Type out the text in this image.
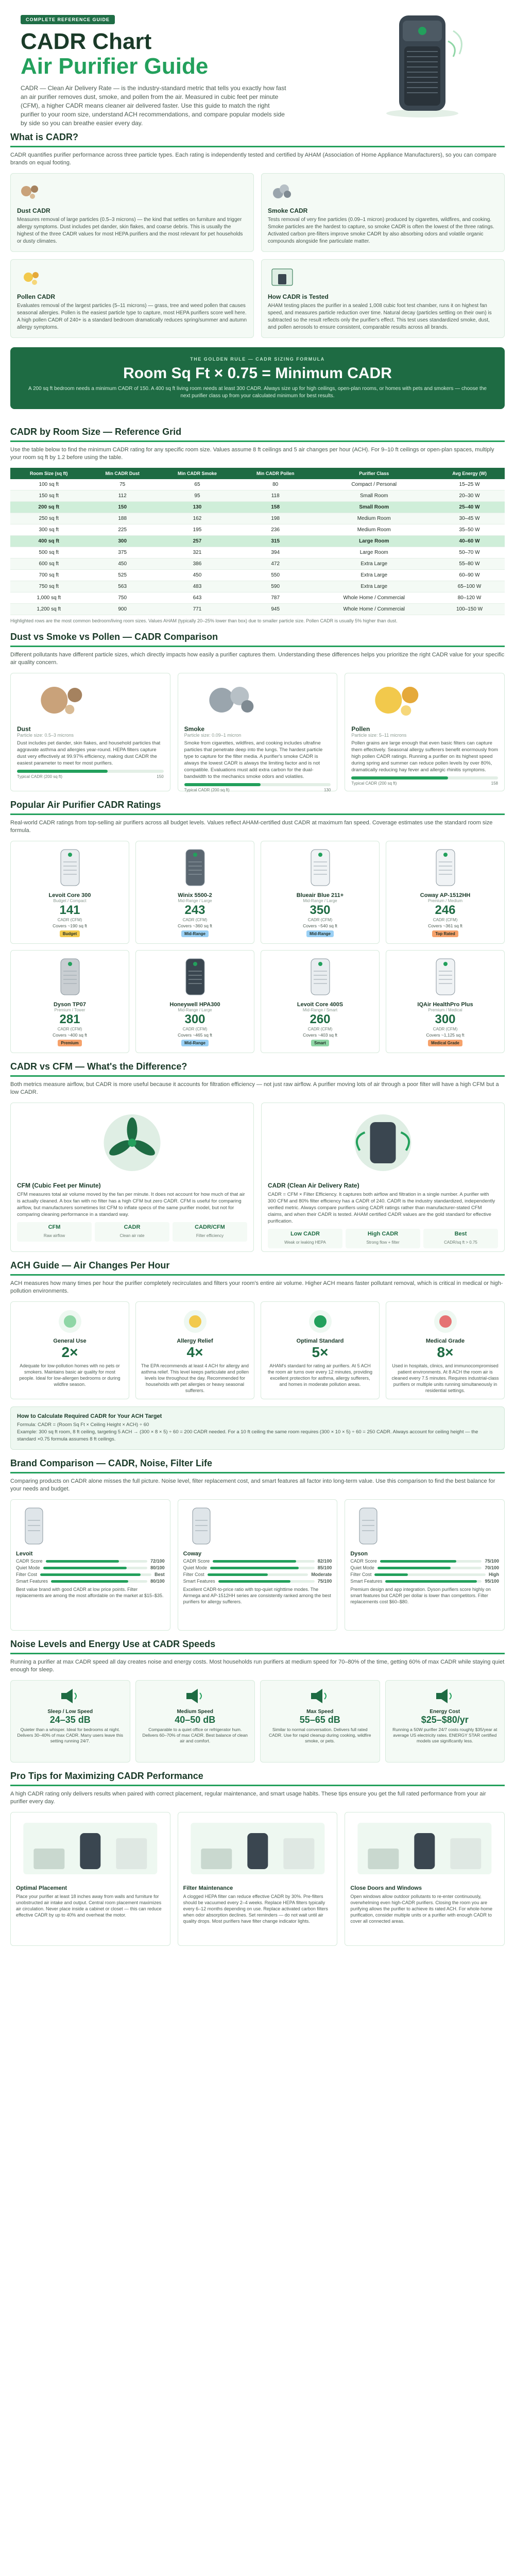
COMPLETE REFERENCE GUIDE
CADR Chart
Air Purifier Guide

CADR — Clean Air Delivery Rate — is the industry-standard metric that tells you exactly how fast an air purifier removes dust, smoke, and pollen from the air. Measured in cubic feet per minute (CFM), a higher CADR means cleaner air delivered faster. Use this guide to match the right purifier to your room size, understand ACH recommendations, and compare popular models side by side so you can breathe easier every day.

What is CADR?
CADR quantifies purifier performance across three particle types. Each rating is independently tested and certified by AHAM (Association of Home Appliance Manufacturers), so you can compare brands on equal footing.
Dust CADR

Measures removal of large particles (0.5–3 microns) — the kind that settles on furniture and trigger allergy symptoms. Dust includes pet dander, skin flakes, and coarse debris. This is usually the highest of the three CADR values for most HEPA purifiers and the most relevant for pet households or dusty climates.

Smoke CADR

Tests removal of very fine particles (0.09–1 micron) produced by cigarettes, wildfires, and cooking. Smoke particles are the hardest to capture, so smoke CADR is often the lowest of the three ratings. Activated carbon pre-filters improve smoke CADR by also absorbing odors and volatile organic compounds alongside fine particulate matter.

Pollen CADR

Evaluates removal of the largest particles (5–11 microns) — grass, tree and weed pollen that causes seasonal allergies. Pollen is the easiest particle type to capture, most HEPA purifiers score well here. A high pollen CADR of 240+ is a standard bedroom dramatically reduces spring/summer and autumn allergy symptoms.

How CADR is Tested

AHAM testing places the purifier in a sealed 1,008 cubic foot test chamber, runs it on highest fan speed, and measures particle reduction over time. Natural decay (particles settling on their own) is subtracted so the result reflects only the purifier's effect. This test uses standardized smoke, dust, and pollen aerosols to ensure consistent, comparable results across all brands.

THE GOLDEN RULE — CADR SIZING FORMULA
Room Sq Ft × 0.75 = Minimum CADR
A 200 sq ft bedroom needs a minimum CADR of 150. A 400 sq ft living room needs at least 300 CADR. Always size up for high ceilings, open-plan rooms, or homes with pets and smokers — choose the next purifier class up from your calculated minimum for best results.
CADR by Room Size — Reference Grid
Use the table below to find the minimum CADR rating for any specific room size. Values assume 8 ft ceilings and 5 air changes per hour (ACH). For 9–10 ft ceilings or open-plan spaces, multiply your room sq ft by 1.2 before using the table.
Room Size (sq ft)	Min CADR Dust	Min CADR Smoke	Min CADR Pollen	Purifier Class	Avg Energy (W)
100 sq ft	75	65	80	Compact / Personal	15–25 W
150 sq ft	112	95	118	Small Room	20–30 W
200 sq ft	150	130	158	Small Room	25–40 W
250 sq ft	188	162	198	Medium Room	30–45 W
300 sq ft	225	195	236	Medium Room	35–50 W
400 sq ft	300	257	315	Large Room	40–60 W
500 sq ft	375	321	394	Large Room	50–70 W
600 sq ft	450	386	472	Extra Large	55–80 W
700 sq ft	525	450	550	Extra Large	60–90 W
750 sq ft	563	483	590	Extra Large	65–100 W
1,000 sq ft	750	643	787	Whole Home / Commercial	80–120 W
1,200 sq ft	900	771	945	Whole Home / Commercial	100–150 W
Highlighted rows are the most common bedroom/living room sizes. Values AHAM (typically 20–25% lower than box) due to smaller particle size. Pollen CADR is usually 5% higher than dust.
Dust vs Smoke vs Pollen — CADR Comparison
Different pollutants have different particle sizes, which directly impacts how easily a purifier captures them. Understanding these differences helps you prioritize the right CADR value for your specific air quality concern.
Dust
Particle size: 0.5–3 microns

Dust includes pet dander, skin flakes, and household particles that aggravate asthma and allergies year-round. HEPA filters capture dust very effectively at 99.97% efficiency, making dust CADR the easiest parameter to meet for most purifiers.

Typical CADR (200 sq ft)	150
Smoke
Particle size: 0.09–1 micron

Smoke from cigarettes, wildfires, and cooking includes ultrafine particles that penetrate deep into the lungs. The hardest particle type to capture for the filter media. A purifier's smoke CADR is always the lowest CADR is always the limiting factor and is not compatible. Evaluations must add extra carbon for the dual-bandwidth to the mechanics smoke odors and volatiles.

Typical CADR (200 sq ft)	130
Pollen
Particle size: 5–11 microns

Pollen grains are large enough that even basic filters can capture them effectively. Seasonal allergy sufferers benefit enormously from high pollen CADR ratings. Running a purifier on its highest speed during spring and summer can reduce pollen levels by over 80%, dramatically reducing hay fever and allergic rhinitis symptoms.

Typical CADR (200 sq ft)	158
Popular Air Purifier CADR Ratings
Real-world CADR ratings from top-selling air purifiers across all budget levels. Values reflect AHAM-certified dust CADR at maximum fan speed. Coverage estimates use the standard room size formula.
Levoit Core 300
Budget / Compact
141
CADR (CFM)
Covers ~190 sq ft
Budget
Winix 5500-2
Mid-Range / Large
243
CADR (CFM)
Covers ~360 sq ft
Mid-Range
Blueair Blue 211+
Mid-Range / Large
350
CADR (CFM)
Covers ~540 sq ft
Mid-Range
Coway AP-1512HH
Premium / Medium
246
CADR (CFM)
Covers ~361 sq ft
Top Rated
Dyson TP07
Premium / Tower
281
CADR (CFM)
Covers ~400 sq ft
Premium
Honeywell HPA300
Mid-Range / Large
300
CADR (CFM)
Covers ~465 sq ft
Mid-Range
Levoit Core 400S
Mid-Range / Smart
260
CADR (CFM)
Covers ~403 sq ft
Smart
IQAir HealthPro Plus
Premium / Medical
300
CADR (CFM)
Covers ~1,125 sq ft
Medical Grade
CADR vs CFM — What's the Difference?
Both metrics measure airflow, but CADR is more useful because it accounts for filtration efficiency — not just raw airflow. A purifier moving lots of air through a poor filter will have a high CFM but a low CADR.
CFM (Cubic Feet per Minute)

CFM measures total air volume moved by the fan per minute. It does not account for how much of that air is actually cleaned. A box fan with no filter has a high CFM but zero CADR. CFM is useful for comparing airflow, but manufacturers sometimes list CFM to inflate specs of the same purifier model, but not for comparing cleaning performance in a standard way.

CFM
Raw airflow
CADR
Clean air rate
CADR/CFM
Filter efficiency
CADR (Clean Air Delivery Rate)

CADR = CFM × Filter Efficiency. It captures both airflow and filtration in a single number. A purifier with 300 CFM and 80% filter efficiency has a CADR of 240. CADR is the industry standardized, independently verified metric. Always compare purifiers using CADR ratings rather than manufacturer-stated CFM claims, and when their CADR is tested. AHAM certified CADR values are the gold standard for effective purification.

Low CADR
Weak or leaking HEPA
High CADR
Strong flow + filter
Best
CADR/sq ft > 0.75
ACH Guide — Air Changes Per Hour
ACH measures how many times per hour the purifier completely recirculates and filters your room's entire air volume. Higher ACH means faster pollutant removal, which is critical in medical or high-pollution environments.
General Use
2×

Adequate for low-pollution homes with no pets or smokers. Maintains basic air quality for most people. Ideal for low-allergen bedrooms or during wildfire season.

Allergy Relief
4×

The EPA recommends at least 4 ACH for allergy and asthma relief. This level keeps particulate and pollen levels low throughout the day. Recommended for households with pet allergies or heavy seasonal sufferers.

Optimal Standard
5×

AHAM's standard for rating air purifiers. At 5 ACH the room air turns over every 12 minutes, providing excellent protection for asthma, allergy sufferers, and homes in moderate pollution areas.

Medical Grade
8×

Used in hospitals, clinics, and immunocompromised patient environments. At 8 ACH the room air is cleaned every 7.5 minutes. Requires industrial-class purifiers or multiple units running simultaneously in residential settings.

How to Calculate Required CADR for Your ACH Target

Formula: CADR = (Room Sq Ft × Ceiling Height × ACH) ÷ 60

Example: 300 sq ft room, 8 ft ceiling, targeting 5 ACH → (300 × 8 × 5) ÷ 60 = 200 CADR needed. For a 10 ft ceiling the same room requires (300 × 10 × 5) ÷ 60 = 250 CADR. Always account for ceiling height — the standard ×0.75 formula assumes 8 ft ceilings.

Brand Comparison — CADR, Noise, Filter Life
Comparing products on CADR alone misses the full picture. Noise level, filter replacement cost, and smart features all factor into long-term value. Use this comparison to find the best balance for your needs and budget.
Levoit
CADR Score	72/100
Quiet Mode	80/100
Filter Cost	Best
Smart Features	80/100

Best value brand with good CADR at low price points. Filter replacements are among the most affordable on the market at $15–$35.

Coway
CADR Score	82/100
Quiet Mode	85/100
Filter Cost	Moderate
Smart Features	75/100

Excellent CADR-to-price ratio with top-quiet nighttime modes. The Airmega and AP-1512HH series are consistently ranked among the best purifiers for allergy sufferers.

Dyson
CADR Score	75/100
Quiet Mode	70/100
Filter Cost	High
Smart Features	95/100

Premium design and app integration. Dyson purifiers score highly on smart features but CADR per dollar is lower than competitors. Filter replacements cost $60–$80.

Noise Levels and Energy Use at CADR Speeds
Running a purifier at max CADR speed all day creates noise and energy costs. Most households run purifiers at medium speed for 70–80% of the time, getting 60% of max CADR while staying quiet enough for sleep.
Sleep / Low Speed
24–35 dB

Quieter than a whisper. Ideal for bedrooms at night. Delivers 30–40% of max CADR. Many users leave this setting running 24/7.

Medium Speed
40–50 dB

Comparable to a quiet office or refrigerator hum. Delivers 60–70% of max CADR. Best balance of clean air and comfort.

Max Speed
55–65 dB

Similar to normal conversation. Delivers full rated CADR. Use for rapid cleanup during cooking, wildfire smoke, or pets.

Energy Cost
$25–$80/yr

Running a 50W purifier 24/7 costs roughly $35/year at average US electricity rates. ENERGY STAR certified models use significantly less.

Pro Tips for Maximizing CADR Performance
A high CADR rating only delivers results when paired with correct placement, regular maintenance, and smart usage habits. These tips ensure you get the full rated performance from your air purifier every day.
Optimal Placement

Place your purifier at least 18 inches away from walls and furniture for unobstructed air intake and output. Central room placement maximizes air circulation. Never place inside a cabinet or closet — this can reduce effective CADR by up to 40% and overheat the motor.

Filter Maintenance

A clogged HEPA filter can reduce effective CADR by 30%. Pre-filters should be vacuumed every 2–4 weeks. Replace HEPA filters typically every 6–12 months depending on use. Replace activated carbon filters when odor absorption declines. Set reminders — do not wait until air quality drops. Most purifiers have filter change indicator lights.

Close Doors and Windows

Open windows allow outdoor pollutants to re-enter continuously, overwhelming even high-CADR purifiers. Closing the room you are purifying allows the purifier to achieve its rated ACH. For whole-home purification, consider multiple units or a purifier with enough CADR to cover all connected areas.
